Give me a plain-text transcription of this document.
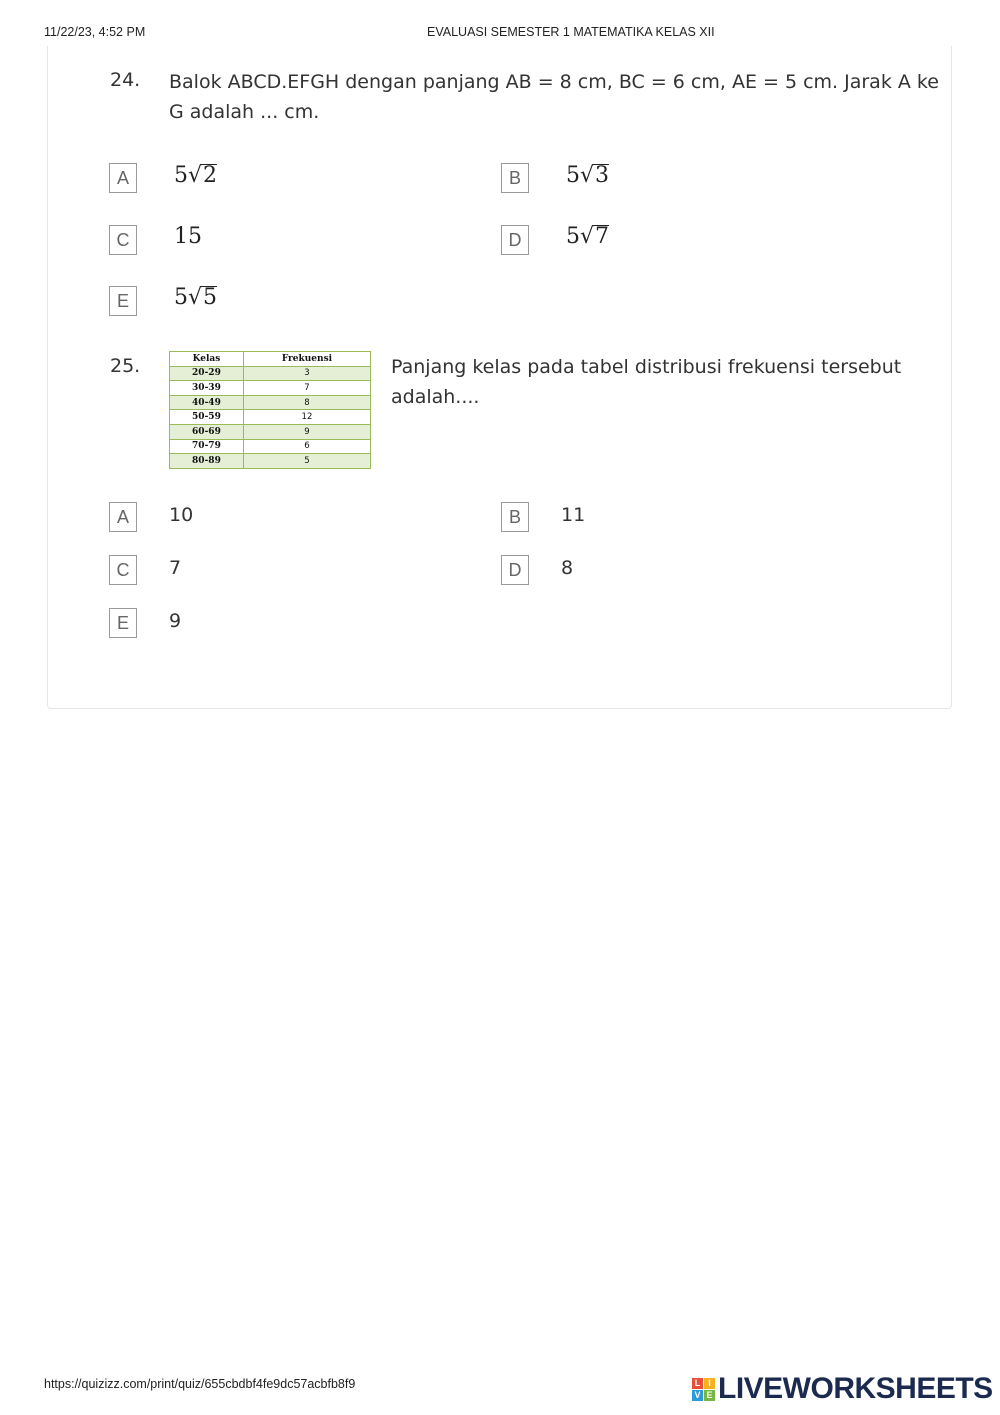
11/22/23, 4:52 PM	EVALUASI SEMESTER 1 MATEMATIKA KELAS XII
24. Balok ABCD.EFGH dengan panjang AB = 8 cm, BC = 6 cm, AE = 5 cm. Jarak A ke
G adalah ... cm.
A	5√2	B	5√3
C	15	D	5√7
E	5√5
25.	Kelas	Frekuensi
20-29	3
30-39	7
40-49	8
50-59	12
60-69	9
70-79	6
80-89	5
Panjang kelas pada tabel distribusi frekuensi tersebut
adalah....
A	10	B	11
C	7	D	8
E	9
https://quizizz.com/print/quiz/655cbdbf4fe9dc57acbfb8f9	L I
V E LIVEWORKSHEETS
